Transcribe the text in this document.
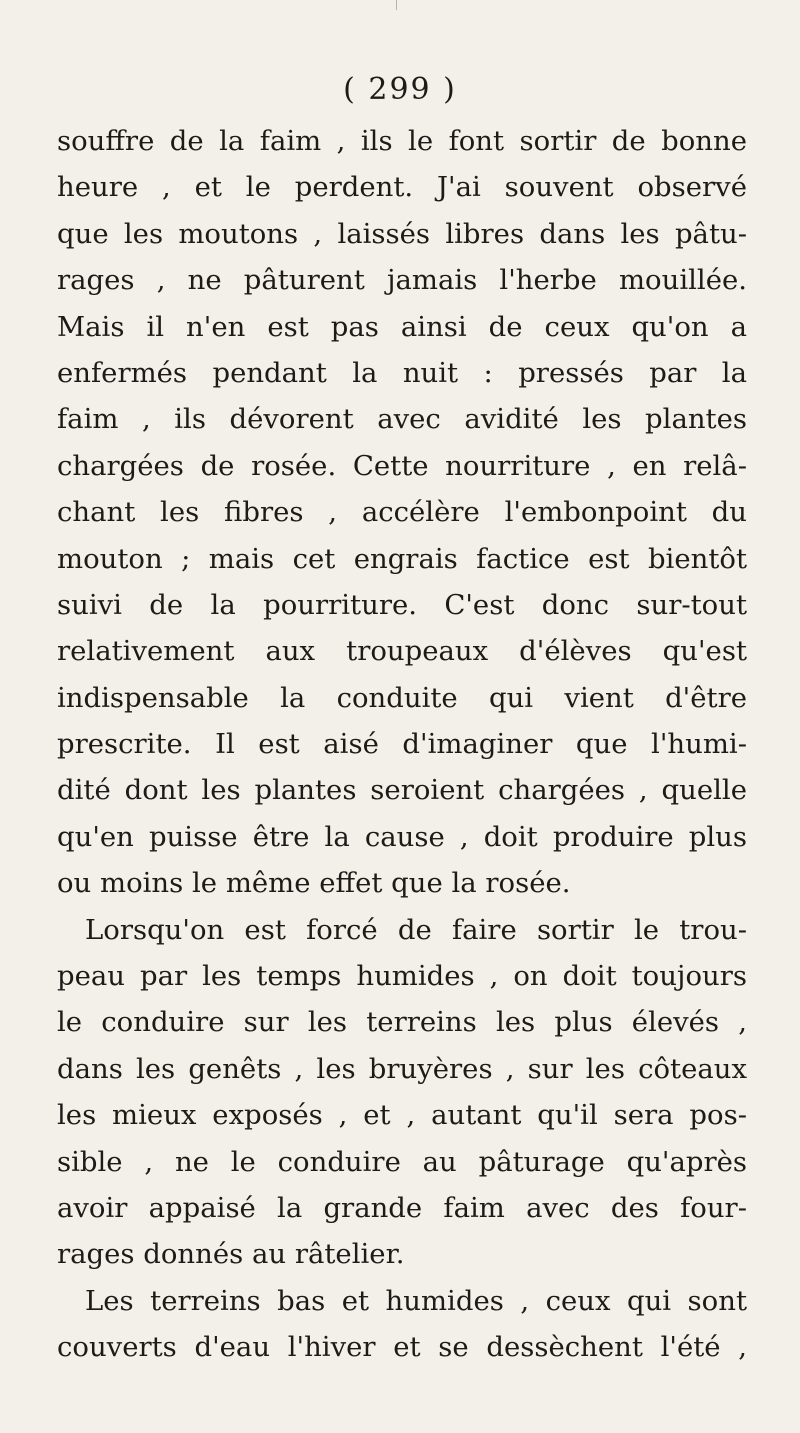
( 299 )
souffre de la faim , ils le font sortir de bonne
heure , et le perdent. J'ai souvent observé
que les moutons , laissés libres dans les pâtu-
rages , ne pâturent jamais l'herbe mouillée.
Mais il n'en est pas ainsi de ceux qu'on a
enfermés pendant la nuit : pressés par la
faim , ils dévorent avec avidité les plantes
chargées de rosée. Cette nourriture , en relâ-
chant les fibres , accélère l'embonpoint du
mouton ; mais cet engrais factice est bientôt
suivi de la pourriture. C'est donc sur-tout
relativement aux troupeaux d'élèves qu'est
indispensable la conduite qui vient d'être
prescrite. Il est aisé d'imaginer que l'humi-
dité dont les plantes seroient chargées , quelle
qu'en puisse être la cause , doit produire plus
ou moins le même effet que la rosée.
Lorsqu'on est forcé de faire sortir le trou-
peau par les temps humides , on doit toujours
le conduire sur les terreins les plus élevés ,
dans les genêts , les bruyères , sur les côteaux
les mieux exposés , et , autant qu'il sera pos-
sible , ne le conduire au pâturage qu'après
avoir appaisé la grande faim avec des four-
rages donnés au râtelier.
Les terreins bas et humides , ceux qui sont
couverts d'eau l'hiver et se dessèchent l'été ,
